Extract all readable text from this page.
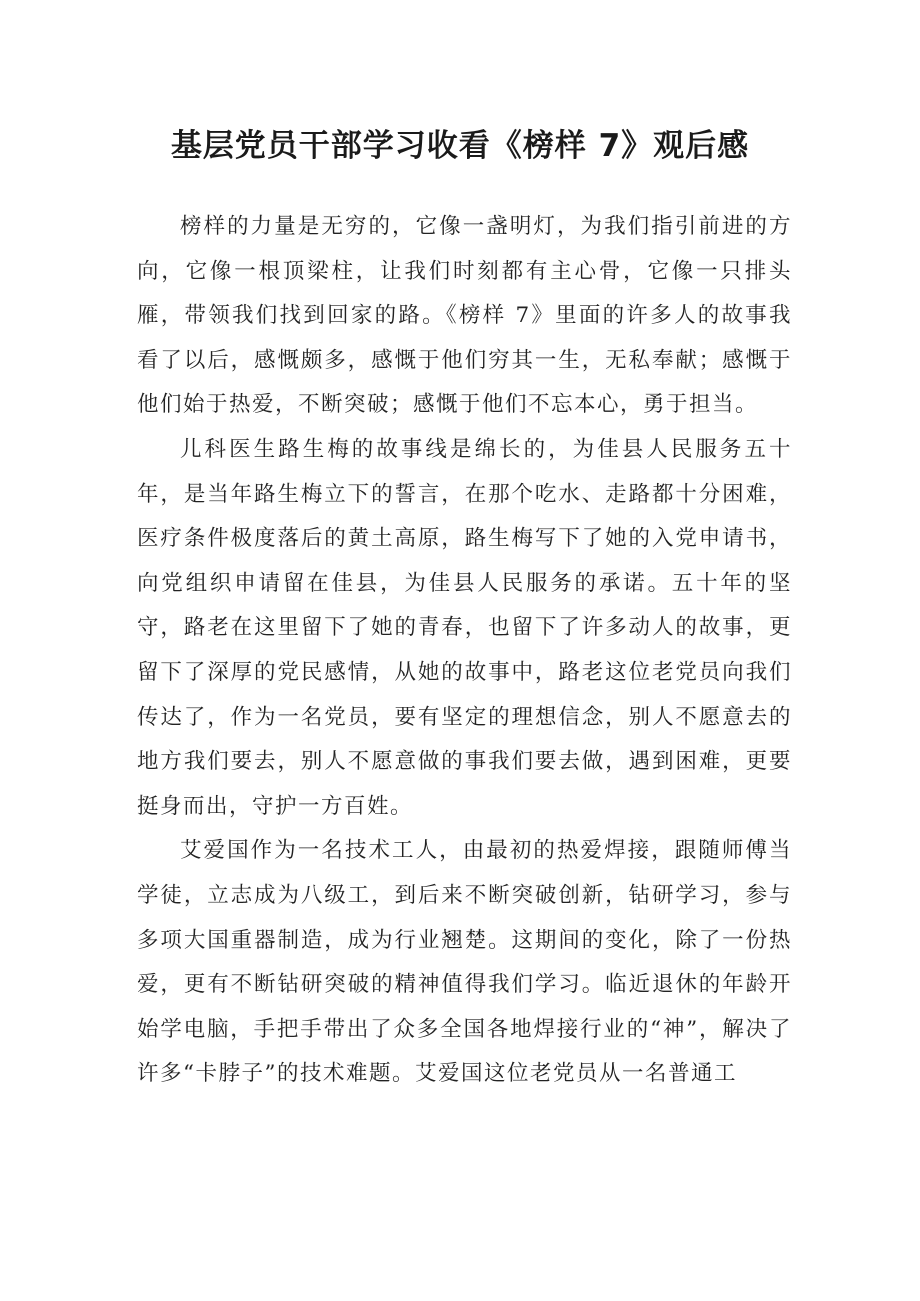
基层党员干部学习收看《榜样 7》观后感

榜样的力量是无穷的，它像一盏明灯，为我们指引前进的方向，它像一根顶梁柱，让我们时刻都有主心骨，它像一只排头雁，带领我们找到回家的路。《榜样 7》里面的许多人的故事我看了以后，感慨颇多，感慨于他们穷其一生，无私奉献；感慨于他们始于热爱，不断突破；感慨于他们不忘本心，勇于担当。

儿科医生路生梅的故事线是绵长的，为佳县人民服务五十年，是当年路生梅立下的誓言，在那个吃水、走路都十分困难，医疗条件极度落后的黄土高原，路生梅写下了她的入党申请书，向党组织申请留在佳县，为佳县人民服务的承诺。五十年的坚守，路老在这里留下了她的青春，也留下了许多动人的故事，更留下了深厚的党民感情，从她的故事中，路老这位老党员向我们传达了，作为一名党员，要有坚定的理想信念，别人不愿意去的地方我们要去，别人不愿意做的事我们要去做，遇到困难，更要挺身而出，守护一方百姓。

艾爱国作为一名技术工人，由最初的热爱焊接，跟随师傅当学徒，立志成为八级工，到后来不断突破创新，钻研学习，参与多项大国重器制造，成为行业翘楚。这期间的变化，除了一份热爱，更有不断钻研突破的精神值得我们学习。临近退休的年龄开始学电脑，手把手带出了众多全国各地焊接行业的“神”，解决了许多“卡脖子”的技术难题。艾爱国这位老党员从一名普通工
